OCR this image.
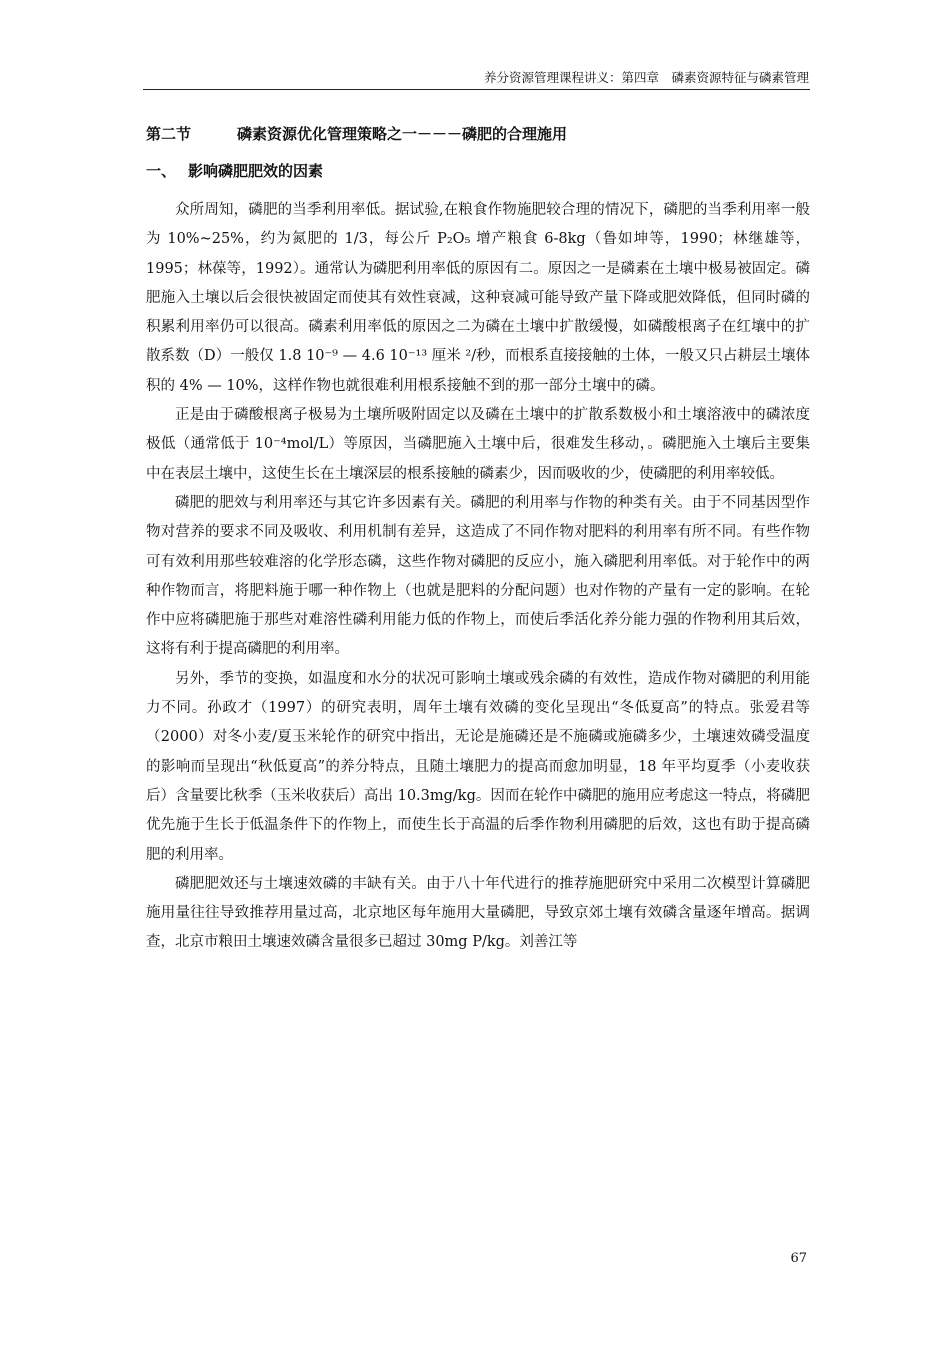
养分资源管理课程讲义：第四章　磷素资源特征与磷素管理
第二节	磷素资源优化管理策略之一－－－磷肥的合理施用
一、 影响磷肥肥效的因素

众所周知，磷肥的当季利用率低。据试验,在粮食作物施肥较合理的情况下，磷肥的当季利用率一般为 10%~25%，约为氮肥的 1/3，每公斤 P₂O₅ 增产粮食 6-8kg（鲁如坤等，1990；林继雄等，1995；林葆等，1992）。通常认为磷肥利用率低的原因有二。原因之一是磷素在土壤中极易被固定。磷肥施入土壤以后会很快被固定而使其有效性衰减，这种衰减可能导致产量下降或肥效降低，但同时磷的积累利用率仍可以很高。磷素利用率低的原因之二为磷在土壤中扩散缓慢，如磷酸根离子在红壤中的扩散系数（D）一般仅 1.8 10⁻⁹ — 4.6 10⁻¹³ 厘米 ²/秒，而根系直接接触的土体，一般又只占耕层土壤体积的 4% — 10%，这样作物也就很难利用根系接触不到的那一部分土壤中的磷。

正是由于磷酸根离子极易为土壤所吸附固定以及磷在土壤中的扩散系数极小和土壤溶液中的磷浓度极低（通常低于 10⁻⁴mol/L）等原因，当磷肥施入土壤中后，很难发生移动，。磷肥施入土壤后主要集中在表层土壤中，这使生长在土壤深层的根系接触的磷素少，因而吸收的少，使磷肥的利用率较低。

磷肥的肥效与利用率还与其它许多因素有关。磷肥的利用率与作物的种类有关。由于不同基因型作物对营养的要求不同及吸收、利用机制有差异，这造成了不同作物对肥料的利用率有所不同。有些作物可有效利用那些较难溶的化学形态磷，这些作物对磷肥的反应小，施入磷肥利用率低。对于轮作中的两种作物而言，将肥料施于哪一种作物上（也就是肥料的分配问题）也对作物的产量有一定的影响。在轮作中应将磷肥施于那些对难溶性磷利用能力低的作物上，而使后季活化养分能力强的作物利用其后效，这将有利于提高磷肥的利用率。

另外，季节的变换，如温度和水分的状况可影响土壤或残余磷的有效性，造成作物对磷肥的利用能力不同。孙政才（1997）的研究表明，周年土壤有效磷的变化呈现出“冬低夏高”的特点。张爱君等（2000）对冬小麦/夏玉米轮作的研究中指出，无论是施磷还是不施磷或施磷多少，土壤速效磷受温度的影响而呈现出“秋低夏高”的养分特点，且随土壤肥力的提高而愈加明显，18 年平均夏季（小麦收获后）含量要比秋季（玉米收获后）高出 10.3mg/kg。因而在轮作中磷肥的施用应考虑这一特点，将磷肥优先施于生长于低温条件下的作物上，而使生长于高温的后季作物利用磷肥的后效，这也有助于提高磷肥的利用率。

磷肥肥效还与土壤速效磷的丰缺有关。由于八十年代进行的推荐施肥研究中采用二次模型计算磷肥施用量往往导致推荐用量过高，北京地区每年施用大量磷肥，导致京郊土壤有效磷含量逐年增高。据调查，北京市粮田土壤速效磷含量很多已超过 30mg P/kg。刘善江等

67
